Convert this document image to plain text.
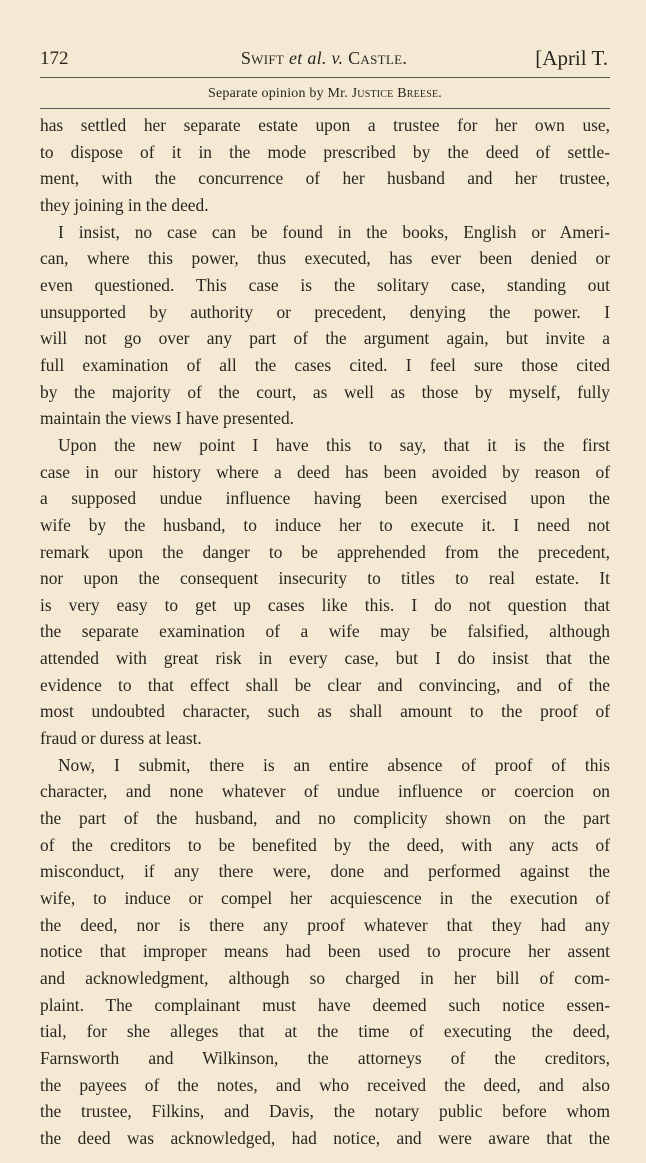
172	Swift et al. v. Castle.	[April T.
Separate opinion by Mr. Justice Breese.
has settled her separate estate upon a trustee for her own use,
to dispose of it in the mode prescribed by the deed of settle-
ment, with the concurrence of her husband and her trustee,
they joining in the deed.
I insist, no case can be found in the books, English or Ameri-
can, where this power, thus executed, has ever been denied or
even questioned. This case is the solitary case, standing out
unsupported by authority or precedent, denying the power. I
will not go over any part of the argument again, but invite a
full examination of all the cases cited. I feel sure those cited
by the majority of the court, as well as those by myself, fully
maintain the views I have presented.
Upon the new point I have this to say, that it is the first
case in our history where a deed has been avoided by reason of
a supposed undue influence having been exercised upon the
wife by the husband, to induce her to execute it. I need not
remark upon the danger to be apprehended from the precedent,
nor upon the consequent insecurity to titles to real estate. It
is very easy to get up cases like this. I do not question that
the separate examination of a wife may be falsified, although
attended with great risk in every case, but I do insist that the
evidence to that effect shall be clear and convincing, and of the
most undoubted character, such as shall amount to the proof of
fraud or duress at least.
Now, I submit, there is an entire absence of proof of this
character, and none whatever of undue influence or coercion on
the part of the husband, and no complicity shown on the part
of the creditors to be benefited by the deed, with any acts of
misconduct, if any there were, done and performed against the
wife, to induce or compel her acquiescence in the execution of
the deed, nor is there any proof whatever that they had any
notice that improper means had been used to procure her assent
and acknowledgment, although so charged in her bill of com-
plaint. The complainant must have deemed such notice essen-
tial, for she alleges that at the time of executing the deed,
Farnsworth and Wilkinson, the attorneys of the creditors,
the payees of the notes, and who received the deed, and also
the trustee, Filkins, and Davis, the notary public before whom
the deed was acknowledged, had notice, and were aware that the
